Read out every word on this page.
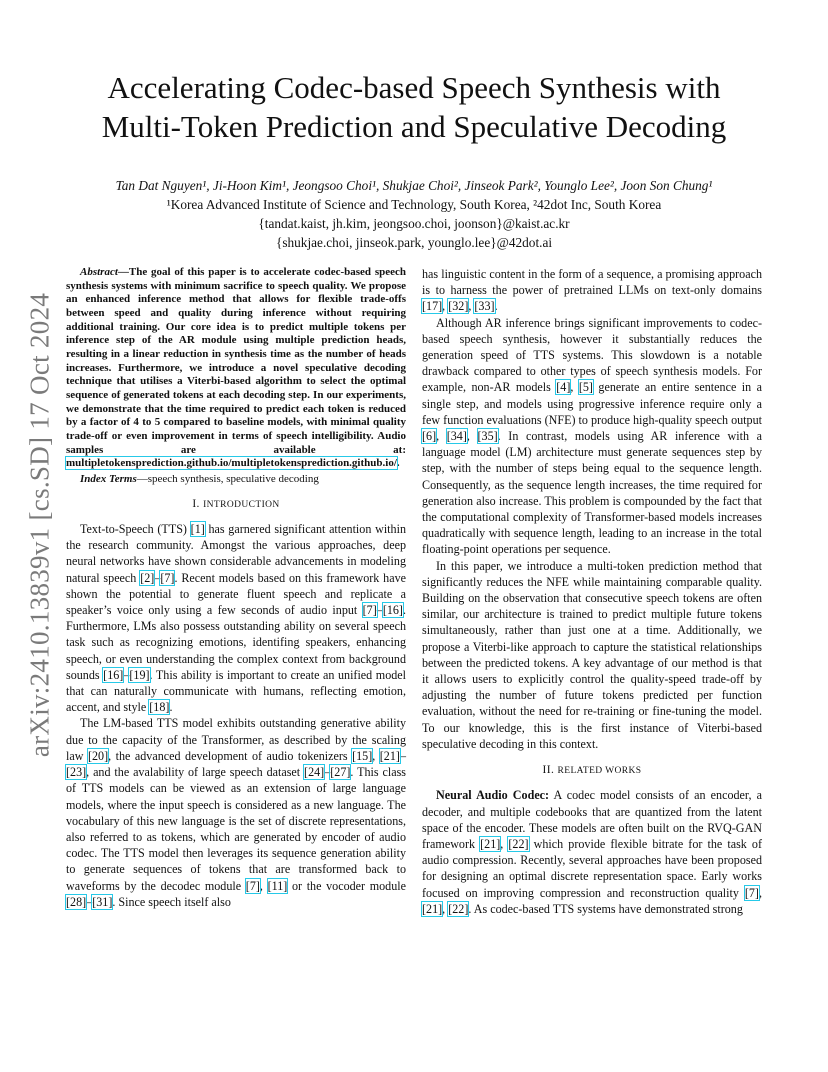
arXiv:2410.13839v1 [cs.SD] 17 Oct 2024
Accelerating Codec-based Speech Synthesis with
Multi-Token Prediction and Speculative Decoding
Tan Dat Nguyen¹, Ji-Hoon Kim¹, Jeongsoo Choi¹, Shukjae Choi², Jinseok Park², Younglo Lee², Joon Son Chung¹
¹Korea Advanced Institute of Science and Technology, South Korea, ²42dot Inc, South Korea
{tandat.kaist, jh.kim, jeongsoo.choi, joonson}@kaist.ac.kr
{shukjae.choi, jinseok.park, younglo.lee}@42dot.ai

Abstract—The goal of this paper is to accelerate codec-based speech synthesis systems with minimum sacrifice to speech quality. We propose an enhanced inference method that allows for flexible trade-offs between speed and quality during inference without requiring additional training. Our core idea is to predict multiple tokens per inference step of the AR module using multiple prediction heads, resulting in a linear reduction in synthesis time as the number of heads increases. Furthermore, we introduce a novel speculative decoding technique that utilises a Viterbi-based algorithm to select the optimal sequence of generated tokens at each decoding step. In our experiments, we demonstrate that the time required to predict each token is reduced by a factor of 4 to 5 compared to baseline models, with minimal quality trade-off or even improvement in terms of speech intelligibility. Audio samples are available at: multipletokensprediction.github.io/multipletokensprediction.github.io/.

Index Terms—speech synthesis, speculative decoding

I. INTRODUCTION

Text-to-Speech (TTS) [1] has garnered significant attention within the research community. Amongst the various approaches, deep neural networks have shown considerable advancements in modeling natural speech [2]–[7]. Recent models based on this framework have shown the potential to generate fluent speech and replicate a speaker’s voice only using a few seconds of audio input [7]–[16]. Furthermore, LMs also possess outstanding ability on several speech task such as recognizing emotions, identifing speakers, enhancing speech, or even understanding the complex context from background sounds [16]–[19]. This ability is important to create an unified model that can naturally communicate with humans, reflecting emotion, accent, and style [18].

The LM-based TTS model exhibits outstanding generative ability due to the capacity of the Transformer, as described by the scaling law [20], the advanced development of audio tokenizers [15], [21]–[23], and the avalability of large speech dataset [24]–[27]. This class of TTS models can be viewed as an extension of large language models, where the input speech is considered as a new language. The vocabulary of this new language is the set of discrete representations, also referred to as tokens, which are generated by encoder of audio codec. The TTS model then leverages its sequence generation ability to generate sequences of tokens that are transformed back to waveforms by the decodec module [7], [11] or the vocoder module [28]–[31]. Since speech itself also

has linguistic content in the form of a sequence, a promising approach is to harness the power of pretrained LLMs on text-only domains [17], [32], [33].

Although AR inference brings significant improvements to codec-based speech synthesis, however it substantially reduces the generation speed of TTS systems. This slowdown is a notable drawback compared to other types of speech synthesis models. For example, non-AR models [4], [5] generate an entire sentence in a single step, and models using progressive inference require only a few function evaluations (NFE) to produce high-quality speech output [6], [34], [35]. In contrast, models using AR inference with a language model (LM) architecture must generate sequences step by step, with the number of steps being equal to the sequence length. Consequently, as the sequence length increases, the time required for generation also increase. This problem is compounded by the fact that the computational complexity of Transformer-based models increases quadratically with sequence length, leading to an increase in the total floating-point operations per sequence.

In this paper, we introduce a multi-token prediction method that significantly reduces the NFE while maintaining comparable quality. Building on the observation that consecutive speech tokens are often similar, our architecture is trained to predict multiple future tokens simultaneously, rather than just one at a time. Additionally, we propose a Viterbi-like approach to capture the statistical relationships between the predicted tokens. A key advantage of our method is that it allows users to explicitly control the quality-speed trade-off by adjusting the number of future tokens predicted per function evaluation, without the need for re-training or fine-tuning the model. To our knowledge, this is the first instance of Viterbi-based speculative decoding in this context.

II. RELATED WORKS

Neural Audio Codec: A codec model consists of an encoder, a decoder, and multiple codebooks that are quantized from the latent space of the encoder. These models are often built on the RVQ-GAN framework [21], [22] which provide flexible bitrate for the task of audio compression. Recently, several approaches have been proposed for designing an optimal discrete representation space. Early works focused on improving compression and reconstruction quality [7], [21], [22]. As codec-based TTS systems have demonstrated strong
